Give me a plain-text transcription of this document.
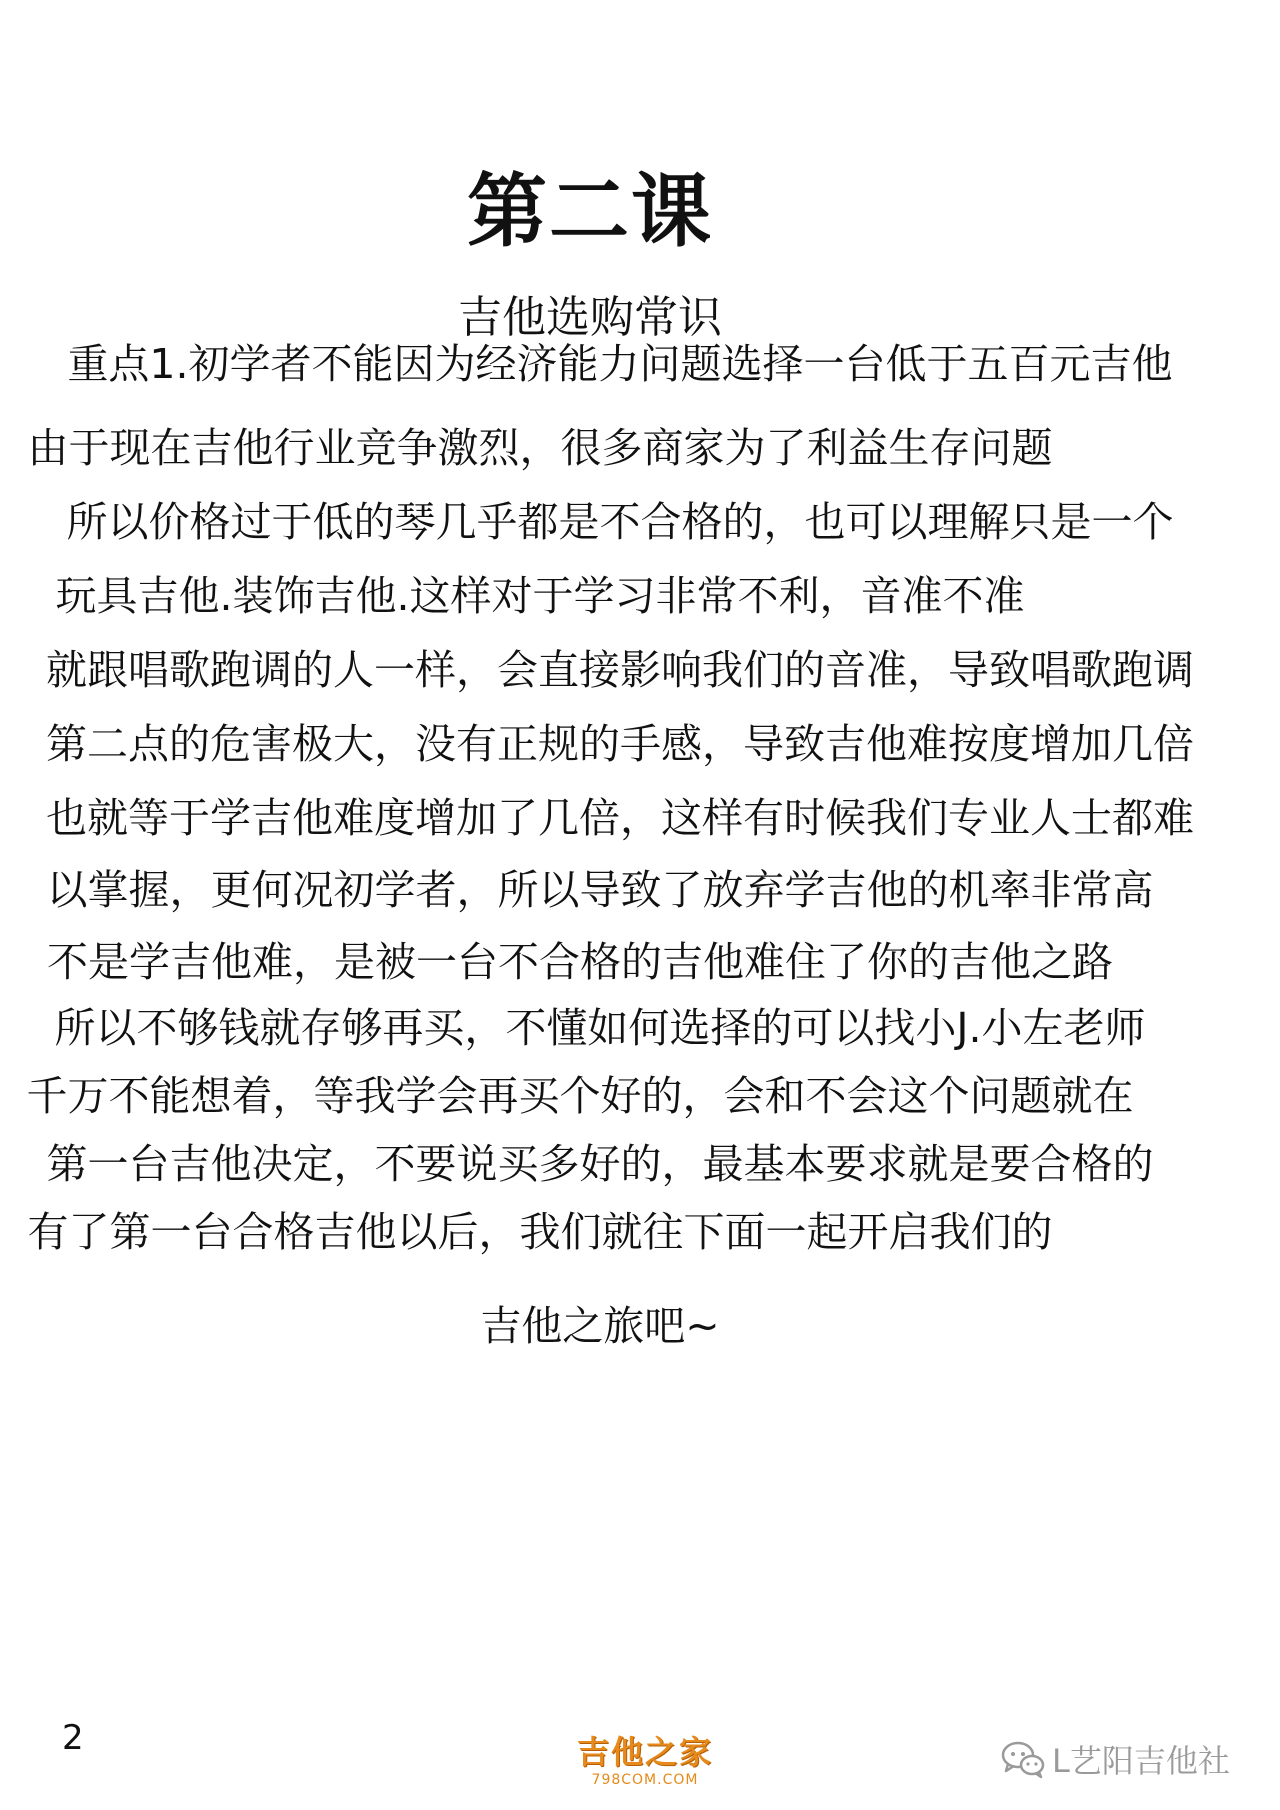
第二课
吉他选购常识
重点1.初学者不能因为经济能力问题选择一台低于五百元吉他
由于现在吉他行业竞争激烈，很多商家为了利益生存问题
所以价格过于低的琴几乎都是不合格的，也可以理解只是一个
玩具吉他.装饰吉他.这样对于学习非常不利，音准不准
就跟唱歌跑调的人一样，会直接影响我们的音准，导致唱歌跑调
第二点的危害极大，没有正规的手感，导致吉他难按度增加几倍
也就等于学吉他难度增加了几倍，这样有时候我们专业人士都难
以掌握，更何况初学者，所以导致了放弃学吉他的机率非常高
不是学吉他难，是被一台不合格的吉他难住了你的吉他之路
所以不够钱就存够再买，不懂如何选择的可以找小J.小左老师
千万不能想着，等我学会再买个好的，会和不会这个问题就在
第一台吉他决定，不要说买多好的，最基本要求就是要合格的
有了第一台合格吉他以后，我们就往下面一起开启我们的
吉他之旅吧~
2	吉他之家
798COM.COM	L艺阳吉他社
